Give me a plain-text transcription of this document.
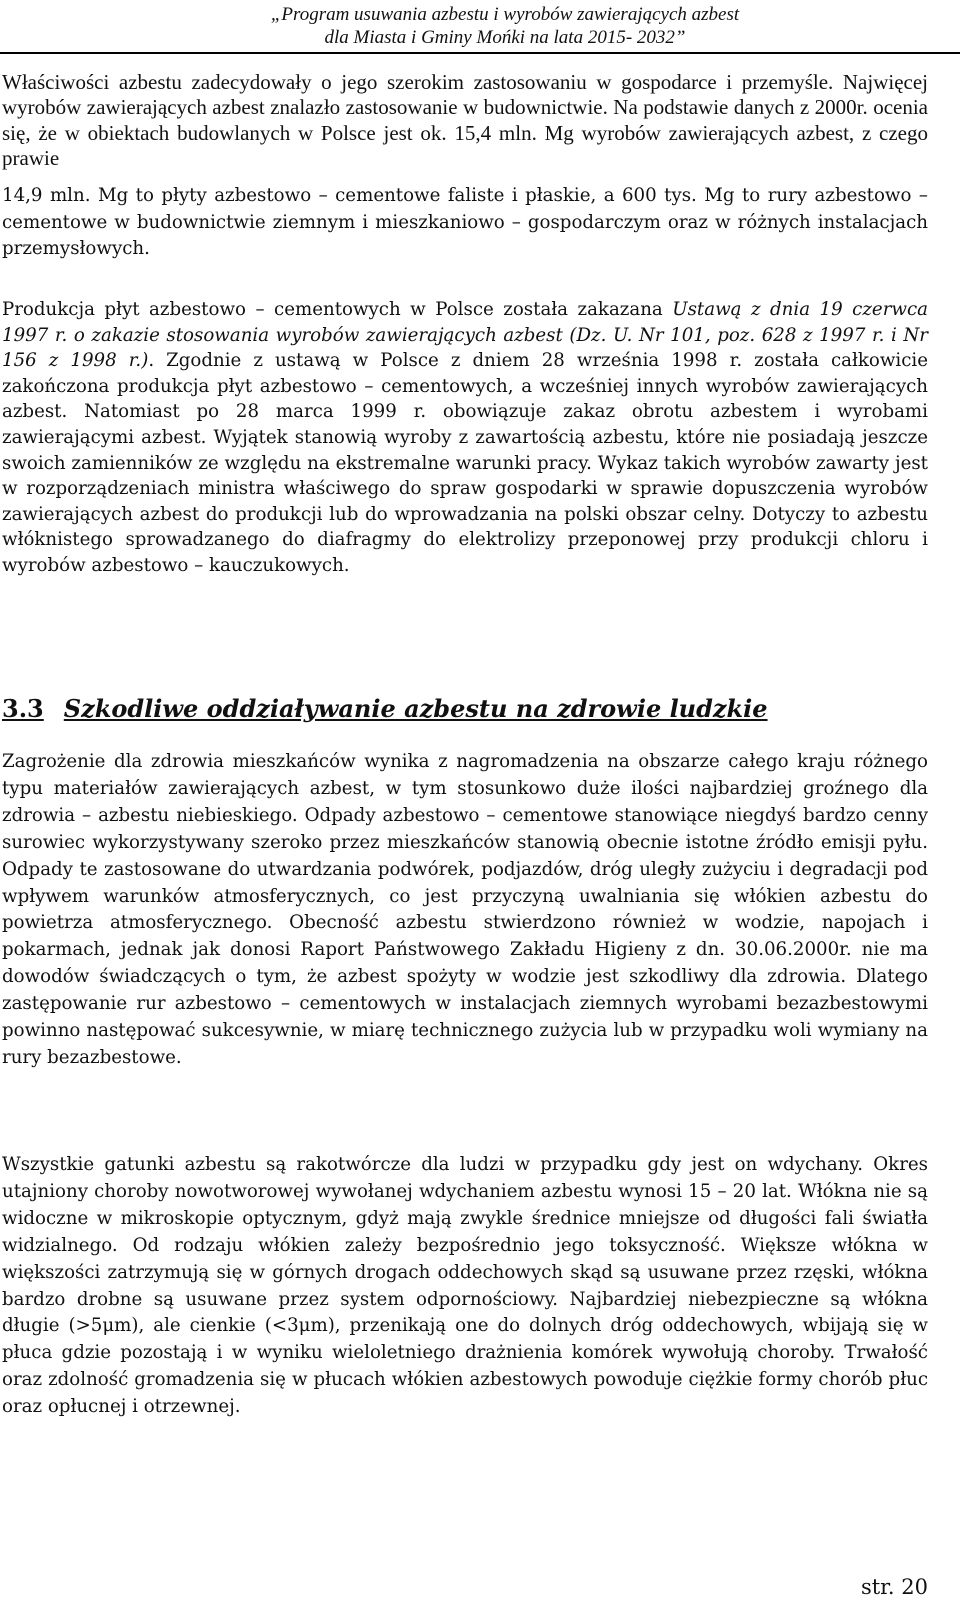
„Program usuwania azbestu i wyrobów zawierających azbest
dla Miasta i Gminy Mońki na lata 2015- 2032”

Właściwości azbestu zadecydowały o jego szerokim zastosowaniu w gospodarce i przemyśle. Najwięcej wyrobów zawierających azbest znalazło zastosowanie w budownictwie. Na podstawie danych z 2000r. ocenia się, że w obiektach budowlanych w Polsce jest ok. 15,4 mln. Mg wyrobów zawierających azbest, z czego prawie

14,9 mln. Mg to płyty azbestowo – cementowe faliste i płaskie, a 600 tys. Mg to rury azbestowo – cementowe w budownictwie ziemnym i mieszkaniowo – gospodarczym oraz w różnych instalacjach przemysłowych.

Produkcja płyt azbestowo – cementowych w Polsce została zakazana Ustawą z dnia 19 czerwca 1997 r. o zakazie stosowania wyrobów zawierających azbest (Dz. U. Nr 101, poz. 628 z 1997 r. i Nr 156 z 1998 r.). Zgodnie z ustawą w Polsce z dniem 28 września 1998 r. została całkowicie zakończona produkcja płyt azbestowo – cementowych, a wcześniej innych wyrobów zawierających azbest. Natomiast po 28 marca 1999 r. obowiązuje zakaz obrotu azbestem i wyrobami zawierającymi azbest. Wyjątek stanowią wyroby z zawartością azbestu, które nie posiadają jeszcze swoich zamienników ze względu na ekstremalne warunki pracy. Wykaz takich wyrobów zawarty jest w rozporządzeniach ministra właściwego do spraw gospodarki w sprawie dopuszczenia wyrobów zawierających azbest do produkcji lub do wprowadzania na polski obszar celny. Dotyczy to azbestu włóknistego sprowadzanego do diafragmy do elektrolizy przeponowej przy produkcji chloru i wyrobów azbestowo – kauczukowych.

3.3 Szkodliwe oddziaływanie azbestu na zdrowie ludzkie

Zagrożenie dla zdrowia mieszkańców wynika z nagromadzenia na obszarze całego kraju różnego typu materiałów zawierających azbest, w tym stosunkowo duże ilości najbardziej groźnego dla zdrowia – azbestu niebieskiego. Odpady azbestowo – cementowe stanowiące niegdyś bardzo cenny surowiec wykorzystywany szeroko przez mieszkańców stanowią obecnie istotne źródło emisji pyłu. Odpady te zastosowane do utwardzania podwórek, podjazdów, dróg uległy zużyciu i degradacji pod wpływem warunków atmosferycznych, co jest przyczyną uwalniania się włókien azbestu do powietrza atmosferycznego. Obecność azbestu stwierdzono również w wodzie, napojach i pokarmach, jednak jak donosi Raport Państwowego Zakładu Higieny z dn. 30.06.2000r. nie ma dowodów świadczących o tym, że azbest spożyty w wodzie jest szkodliwy dla zdrowia. Dlatego zastępowanie rur azbestowo – cementowych w instalacjach ziemnych wyrobami bezazbestowymi powinno następować sukcesywnie, w miarę technicznego zużycia lub w przypadku woli wymiany na rury bezazbestowe.

Wszystkie gatunki azbestu są rakotwórcze dla ludzi w przypadku gdy jest on wdychany. Okres utajniony choroby nowotworowej wywołanej wdychaniem azbestu wynosi 15 – 20 lat. Włókna nie są widoczne w mikroskopie optycznym, gdyż mają zwykle średnice mniejsze od długości fali światła widzialnego. Od rodzaju włókien zależy bezpośrednio jego toksyczność. Większe włókna w większości zatrzymują się w górnych drogach oddechowych skąd są usuwane przez rzęski, włókna bardzo drobne są usuwane przez system odpornościowy. Najbardziej niebezpieczne są włókna długie (>5μm), ale cienkie (<3μm), przenikają one do dolnych dróg oddechowych, wbijają się w płuca gdzie pozostają i w wyniku wieloletniego drażnienia komórek wywołują choroby. Trwałość oraz zdolność gromadzenia się w płucach włókien azbestowych powoduje ciężkie formy chorób płuc oraz opłucnej i otrzewnej.

str. 20
